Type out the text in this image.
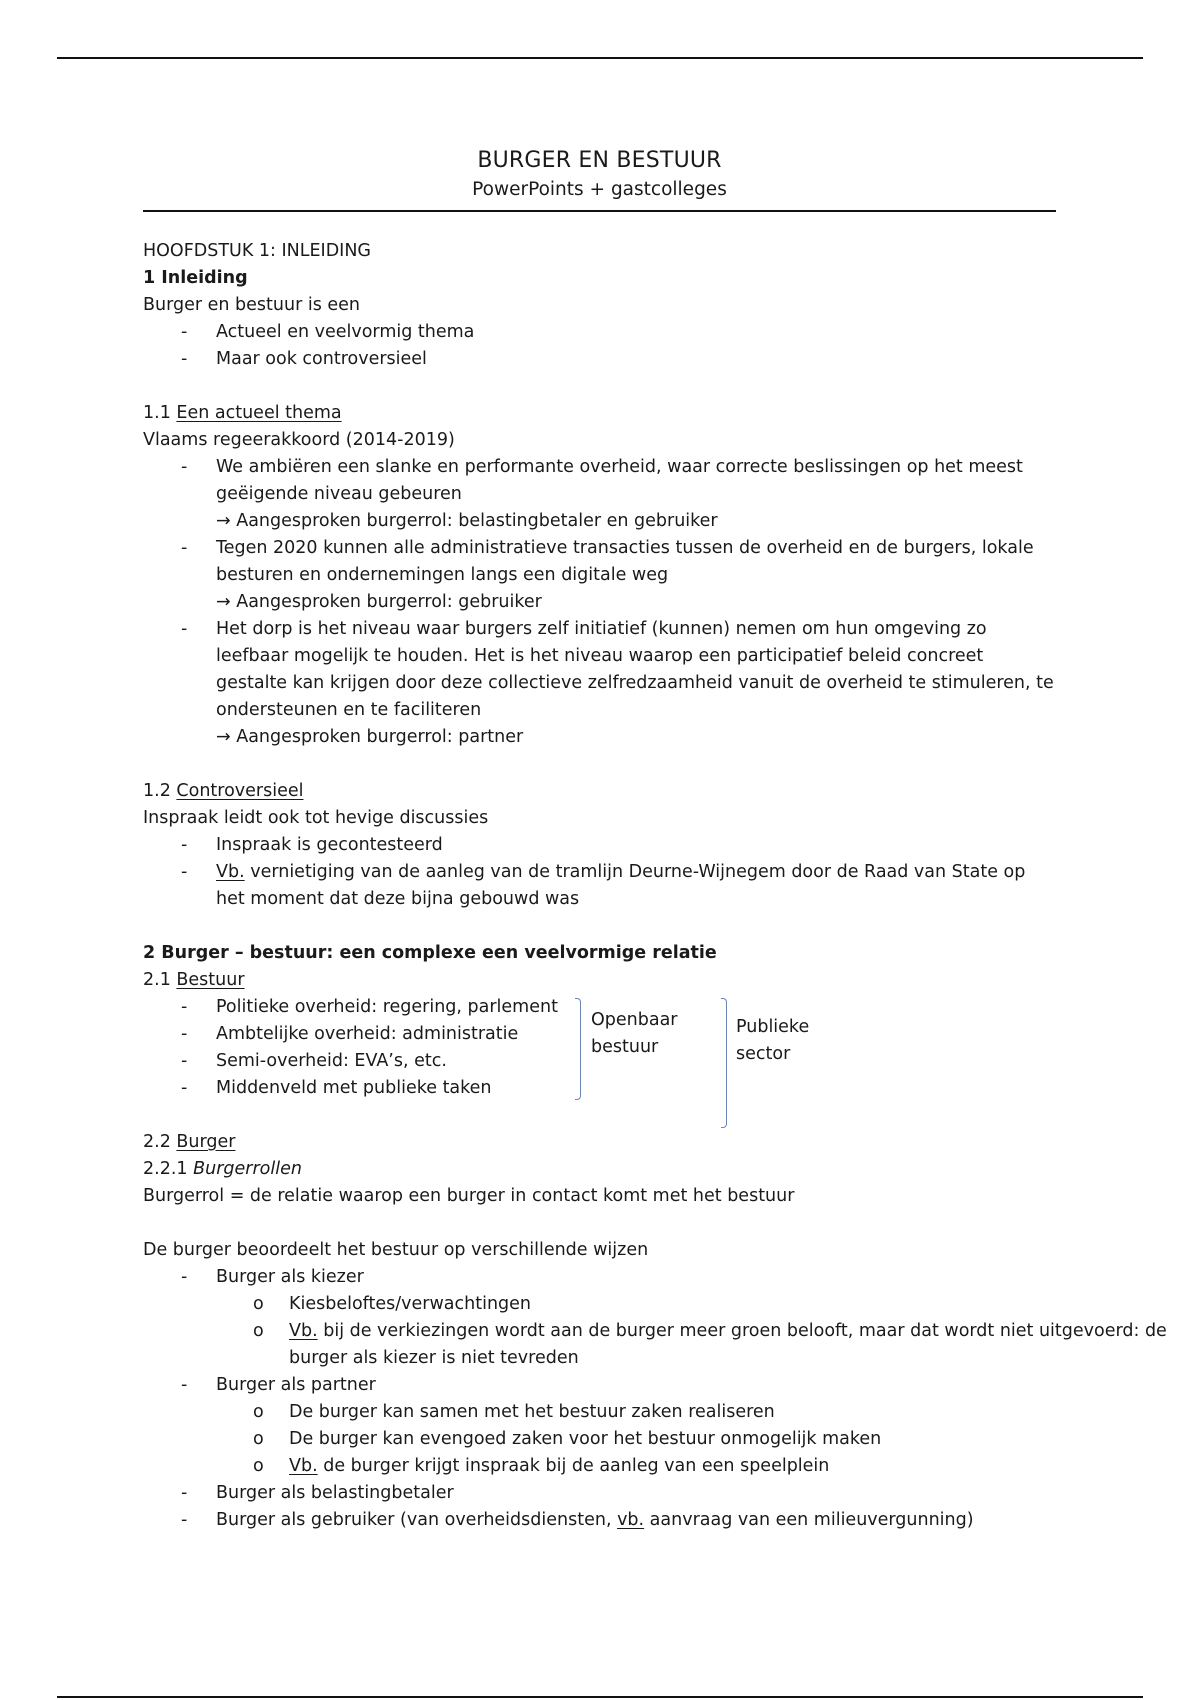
BURGER EN BESTUUR
PowerPoints + gastcolleges

HOOFDSTUK 1: INLEIDING

1 Inleiding

Burger en bestuur is een

- Actueel en veelvormig thema

- Maar ook controversieel

1.1 Een actueel thema

Vlaams regeerakkoord (2014-2019)

- We ambiëren een slanke en performante overheid, waar correcte beslissingen op het meest geëigende niveau gebeuren

→ Aangesproken burgerrol: belastingbetaler en gebruiker

- Tegen 2020 kunnen alle administratieve transacties tussen de overheid en de burgers, lokale besturen en ondernemingen langs een digitale weg

→ Aangesproken burgerrol: gebruiker

- Het dorp is het niveau waar burgers zelf initiatief (kunnen) nemen om hun omgeving zo leefbaar mogelijk te houden. Het is het niveau waarop een participatief beleid concreet gestalte kan krijgen door deze collectieve zelfredzaamheid vanuit de overheid te stimuleren, te ondersteunen en te faciliteren

→ Aangesproken burgerrol: partner

1.2 Controversieel

Inspraak leidt ook tot hevige discussies

- Inspraak is gecontesteerd

- Vb. vernietiging van de aanleg van de tramlijn Deurne-Wijnegem door de Raad van State op het moment dat deze bijna gebouwd was

2 Burger – bestuur: een complexe een veelvormige relatie

2.1 Bestuur

- Politieke overheid: regering, parlement

- Ambtelijke overheid: administratie

- Semi-overheid: EVA’s, etc.

- Middenveld met publieke taken

Openbaar
bestuur
Publieke
sector

2.2 Burger

2.2.1 Burgerrollen

Burgerrol = de relatie waarop een burger in contact komt met het bestuur

De burger beoordeelt het bestuur op verschillende wijzen

- Burger als kiezer

o Kiesbeloftes/verwachtingen

o Vb. bij de verkiezingen wordt aan de burger meer groen belooft, maar dat wordt niet uitgevoerd: de burger als kiezer is niet tevreden

- Burger als partner

o De burger kan samen met het bestuur zaken realiseren

o De burger kan evengoed zaken voor het bestuur onmogelijk maken

o Vb. de burger krijgt inspraak bij de aanleg van een speelplein

- Burger als belastingbetaler

- Burger als gebruiker (van overheidsdiensten, vb. aanvraag van een milieuvergunning)
